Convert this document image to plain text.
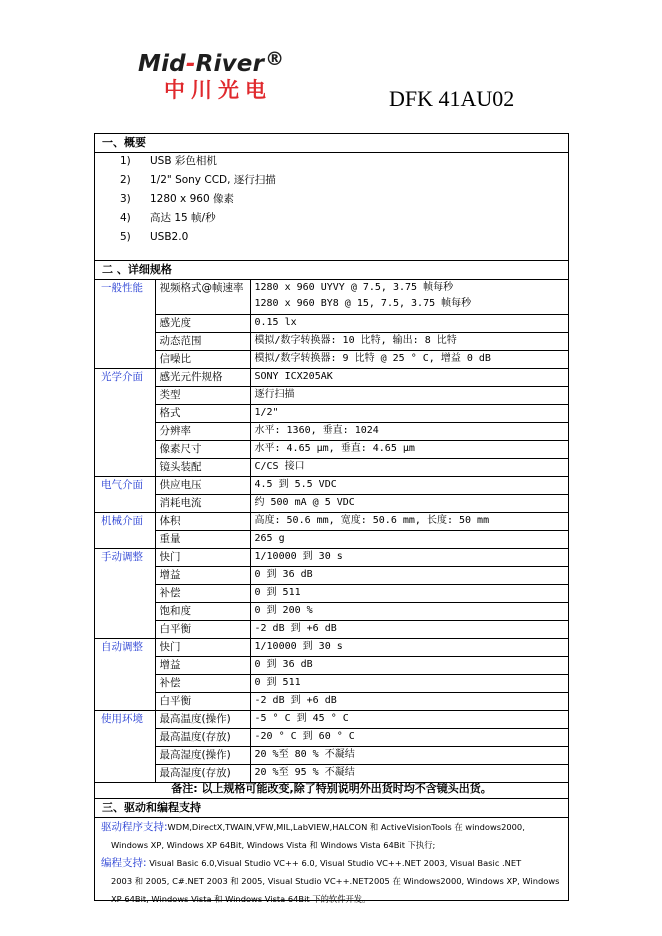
Mid-River®
中川光电	DFK 41AU02
一、概要
1) USB 彩色相机
2) 1/2" Sony CCD, 逐行扫描
3) 1280 x 960 像素
4) 高达 15 帧/秒
5) USB2.0
二 、详细规格
一般性能	视频格式@帧速率	1280 x 960 UYVY @ 7.5, 3.75 帧每秒
1280 x 960 BY8 @ 15, 7.5, 3.75 帧每秒

	感光度	0.15 lx
	动态范围	模拟/数字转换器: 10 比特, 输出: 8 比特
	信噪比	模拟/数字转换器: 9 比特 @ 25 ° C, 增益 0 dB
光学介面	感光元件规格	SONY ICX205AK
	类型	逐行扫描
	格式	1/2"
	分辨率	水平: 1360, 垂直: 1024
	像素尺寸	水平: 4.65 µm, 垂直: 4.65 µm
	镜头装配	C/CS 接口
电气介面	供应电压	4.5 到 5.5 VDC
	消耗电流	约 500 mA @ 5 VDC
机械介面	体积	高度: 50.6 mm, 宽度: 50.6 mm, 长度: 50 mm
	重量	265 g
手动调整	快门	1/10000 到 30 s
	增益	0 到 36 dB
	补偿	0 到 511
	饱和度	0 到 200 %
	白平衡	-2 dB 到 +6 dB
自动调整	快门	1/10000 到 30 s
	增益	0 到 36 dB
	补偿	0 到 511
	白平衡	-2 dB 到 +6 dB
使用环境	最高温度(操作)	-5 ° C 到 45 ° C
	最高温度(存放)	-20 ° C 到 60 ° C
	最高湿度(操作)	20 %至 80 % 不凝结
	最高湿度(存放)	20 %至 95 % 不凝结
备注: 以上规格可能改变,除了特别说明外出货时均不含镜头出货。
三、驱动和编程支持
驱动程序支持:WDM,DirectX,TWAIN,VFW,MIL,LabVIEW,HALCON 和 ActiveVisionTools 在 windows2000,
Windows XP, Windows XP 64Bit, Windows Vista 和 Windows Vista 64Bit 下执行;
编程支持: Visual Basic 6.0,Visual Studio VC++ 6.0, Visual Studio VC++.NET 2003, Visual Basic .NET
2003 和 2005, C#.NET 2003 和 2005, Visual Studio VC++.NET2005 在 Windows2000, Windows XP, Windows
XP 64Bit, Windows Vista 和 Windows Vista 64Bit 下的软件开发。
